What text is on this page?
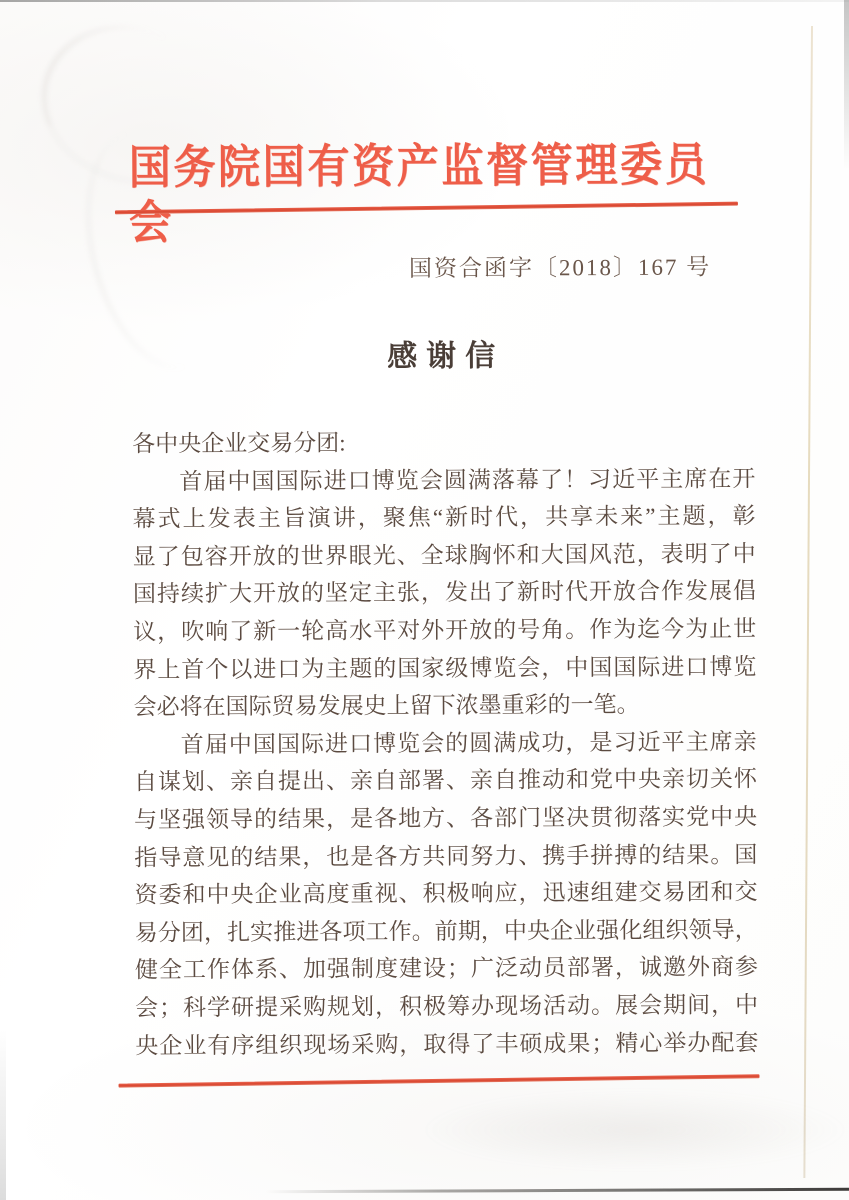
国务院国有资产监督管理委员会
国资合函字〔2018〕167 号
感谢信
各中央企业交易分团:
首届中国国际进口博览会圆满落幕了！习近平主席在开
幕式上发表主旨演讲，聚焦“新时代，共享未来”主题，彰
显了包容开放的世界眼光、全球胸怀和大国风范，表明了中
国持续扩大开放的坚定主张，发出了新时代开放合作发展倡
议，吹响了新一轮高水平对外开放的号角。作为迄今为止世
界上首个以进口为主题的国家级博览会，中国国际进口博览
会必将在国际贸易发展史上留下浓墨重彩的一笔。
首届中国国际进口博览会的圆满成功，是习近平主席亲
自谋划、亲自提出、亲自部署、亲自推动和党中央亲切关怀
与坚强领导的结果，是各地方、各部门坚决贯彻落实党中央
指导意见的结果，也是各方共同努力、携手拼搏的结果。国
资委和中央企业高度重视、积极响应，迅速组建交易团和交
易分团，扎实推进各项工作。前期，中央企业强化组织领导，
健全工作体系、加强制度建设；广泛动员部署，诚邀外商参
会；科学研提采购规划，积极筹办现场活动。展会期间，中
央企业有序组织现场采购，取得了丰硕成果；精心举办配套
